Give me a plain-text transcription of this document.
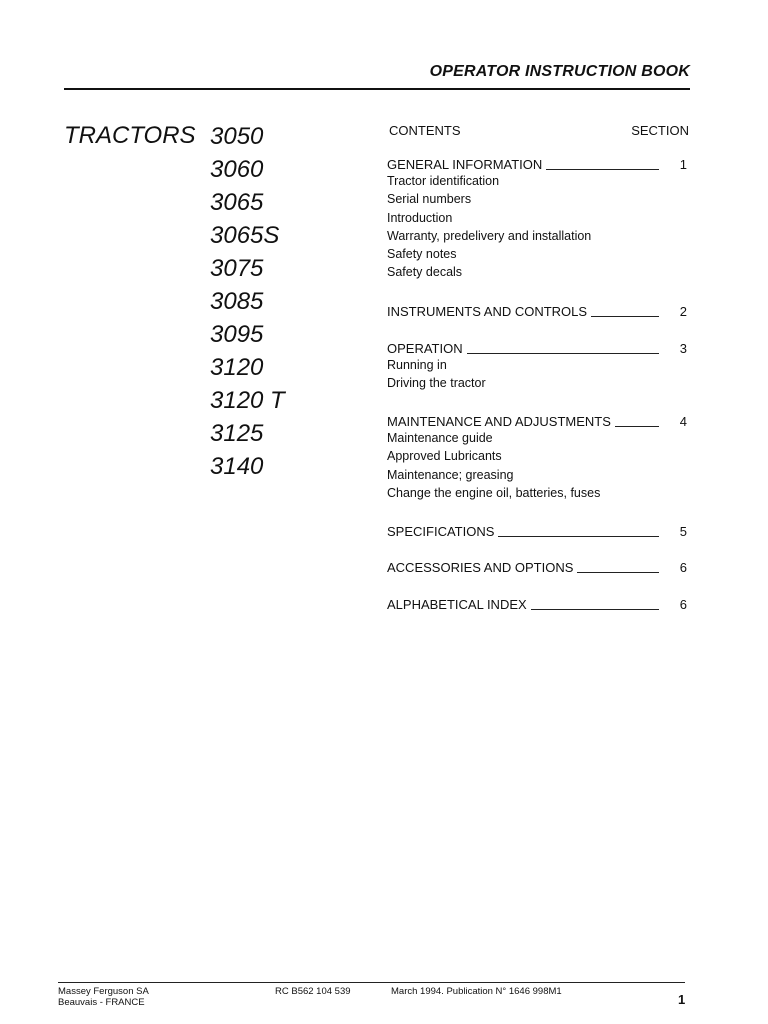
OPERATOR INSTRUCTION BOOK
TRACTORS 3050
3060
3065
3065S
3075
3085
3095
3120
3120 T
3125
3140
CONTENTS	SECTION
GENERAL INFORMATION	1
Tractor identification
Serial numbers
Introduction
Warranty, predelivery and installation
Safety notes
Safety decals
INSTRUMENTS AND CONTROLS	2
OPERATION	3
Running in
Driving the tractor
MAINTENANCE AND ADJUSTMENTS	4
Maintenance guide
Approved Lubricants
Maintenance; greasing
Change the engine oil, batteries, fuses
SPECIFICATIONS	5
ACCESSORIES AND OPTIONS	6
ALPHABETICAL INDEX	6
Massey Ferguson SA
Beauvais - FRANCE
RC B562 104 539	March 1994. Publication N° 1646 998M1
1
